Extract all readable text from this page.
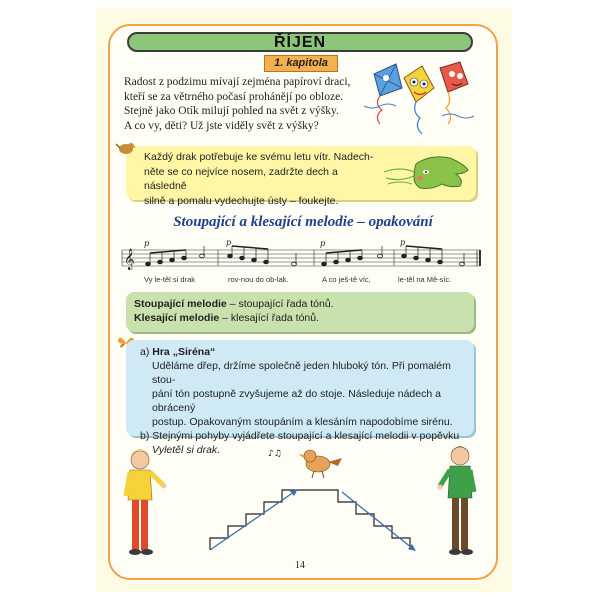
ŘÍJEN
1. kapitola
Radost z podzimu mívají zejména papíroví draci,
kteří se za větrného počasí prohánějí po obloze.
Stejně jako Otík milují pohled na svět z výšky.
A co vy, děti? Už jste viděly svět z výšky?
Každý drak potřebuje ke svému letu vítr. Nadech-
něte se co nejvíce nosem, zadržte dech a následně
silně a pomalu vydechujte ústy – foukejte.
Stoupající a klesající melodie – opakování
𝄞
p	p	p	p
Vy le-těl si drak	rov-nou do ob-lak.	A co ješ-tě víc,	le-těl na Mě-síc.
Stoupající melodie – stoupající řada tónů.
Klesající melodie – klesající řada tónů.
a) Hra „Siréna“
Uděláme dřep, držíme společně jeden hluboký tón. Při pomalém stou-
pání tón postupně zvyšujeme až do stoje. Následuje nádech a obrácený
postup. Opakovaným stoupáním a klesáním napodobíme sirénu.
b) Stejnými pohyby vyjádřete stoupající a klesající melodii v popěvku
Vyletěl si drak.	♪♫
14
